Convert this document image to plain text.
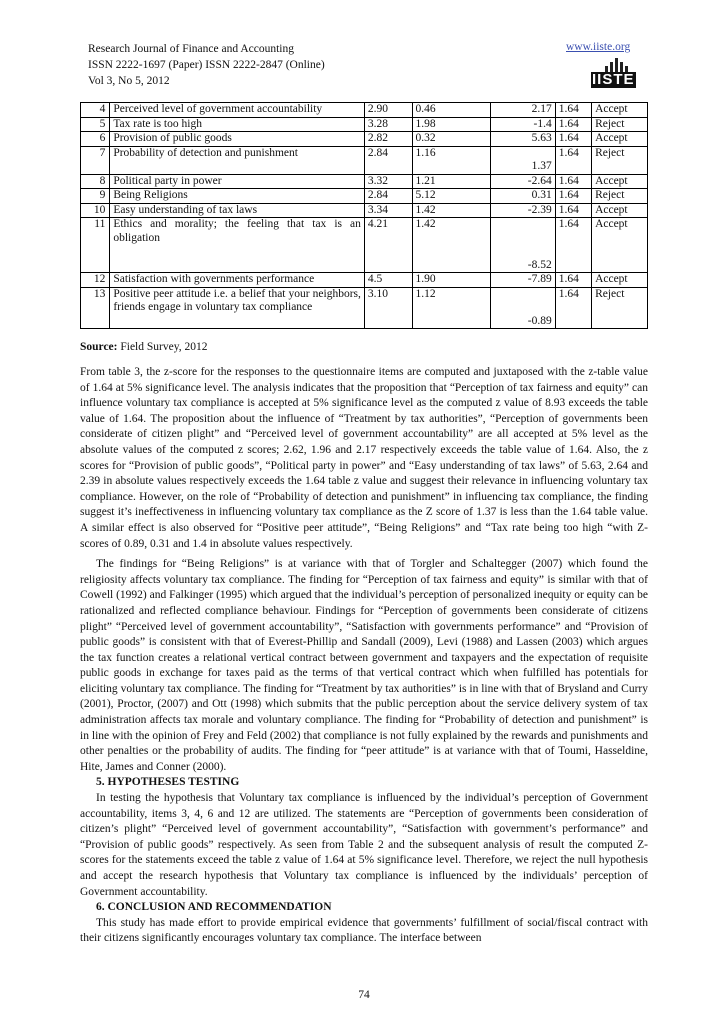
Research Journal of Finance and Accounting
ISSN 2222-1697 (Paper) ISSN 2222-2847 (Online)
Vol 3, No 5, 2012
www.iiste.org
IISTE
4	Perceived level of government accountability	2.90	0.46	2.17	1.64	Accept
5	Tax rate is too high	3.28	1.98	-1.4	1.64	Reject
6	Provision of public goods	2.82	0.32	5.63	1.64	Accept
7	Probability of detection and punishment	2.84	1.16	1.37	1.64	Reject
8	Political party in power	3.32	1.21	-2.64	1.64	Accept
9	Being Religions	2.84	5.12	0.31	1.64	Reject
10	Easy understanding of tax laws	3.34	1.42	-2.39	1.64	Accept
11	Ethics and morality; the feeling that tax is an obligation	4.21	1.42	-8.52	1.64	Accept
12	Satisfaction with governments performance	4.5	1.90	-7.89	1.64	Accept
13	Positive peer attitude i.e. a belief that your neighbors, friends engage in voluntary tax compliance	3.10	1.12	-0.89	1.64	Reject
Source: Field Survey, 2012

From table 3, the z-score for the responses to the questionnaire items are computed and juxtaposed with the z-table value of 1.64 at 5% significance level. The analysis indicates that the proposition that “Perception of tax fairness and equity” can influence voluntary tax compliance is accepted at 5% significance level as the computed z value of 8.93 exceeds the table value of 1.64. The proposition about the influence of “Treatment by tax authorities”, “Perception of governments been considerate of citizen plight” and “Perceived level of government accountability” are all accepted at 5% level as the absolute values of the computed z scores; 2.62, 1.96 and 2.17 respectively exceeds the table value of 1.64. Also, the z scores for “Provision of public goods”, “Political party in power” and “Easy understanding of tax laws” of 5.63, 2.64 and 2.39 in absolute values respectively exceeds the 1.64 table z value and suggest their relevance in influencing voluntary tax compliance. However, on the role of “Probability of detection and punishment” in influencing tax compliance, the finding suggest it’s ineffectiveness in influencing voluntary tax compliance as the Z score of 1.37 is less than the 1.64 table value. A similar effect is also observed for “Positive peer attitude”, “Being Religions” and “Tax rate being too high “with Z- scores of 0.89, 0.31 and 1.4 in absolute values respectively.

The findings for “Being Religions” is at variance with that of Torgler and Schaltegger (2007) which found the religiosity affects voluntary tax compliance. The finding for “Perception of tax fairness and equity” is similar with that of Cowell (1992) and Falkinger (1995) which argued that the individual’s perception of personalized inequity or equity can be rationalized and reflected compliance behaviour. Findings for “Perception of governments been considerate of citizens plight” “Perceived level of government accountability”, “Satisfaction with governments performance” and “Provision of public goods” is consistent with that of Everest-Phillip and Sandall (2009), Levi (1988) and Lassen (2003) which argues the tax function creates a relational vertical contract between government and taxpayers and the expectation of requisite public goods in exchange for taxes paid as the terms of that vertical contract which when fulfilled has potentials for eliciting voluntary tax compliance. The finding for “Treatment by tax authorities” is in line with that of Brysland and Curry (2001), Proctor, (2007) and Ott (1998) which submits that the public perception about the service delivery system of tax administration affects tax morale and voluntary compliance. The finding for “Probability of detection and punishment” is in line with the opinion of Frey and Feld (2002) that compliance is not fully explained by the rewards and punishments and other penalties or the probability of audits. The finding for “peer attitude” is at variance with that of Toumi, Hasseldine, Hite, James and Conner (2000).

5. HYPOTHESES TESTING

In testing the hypothesis that Voluntary tax compliance is influenced by the individual’s perception of Government accountability, items 3, 4, 6 and 12 are utilized. The statements are “Perception of governments been consideration of citizen’s plight” “Perceived level of government accountability”, “Satisfaction with government’s performance” and “Provision of public goods” respectively. As seen from Table 2 and the subsequent analysis of result the computed Z-scores for the statements exceed the table z value of 1.64 at 5% significance level. Therefore, we reject the null hypothesis and accept the research hypothesis that Voluntary tax compliance is influenced by the individuals’ perception of Government accountability.

6. CONCLUSION AND RECOMMENDATION

This study has made effort to provide empirical evidence that governments’ fulfillment of social/fiscal contract with their citizens significantly encourages voluntary tax compliance. The interface between

74
